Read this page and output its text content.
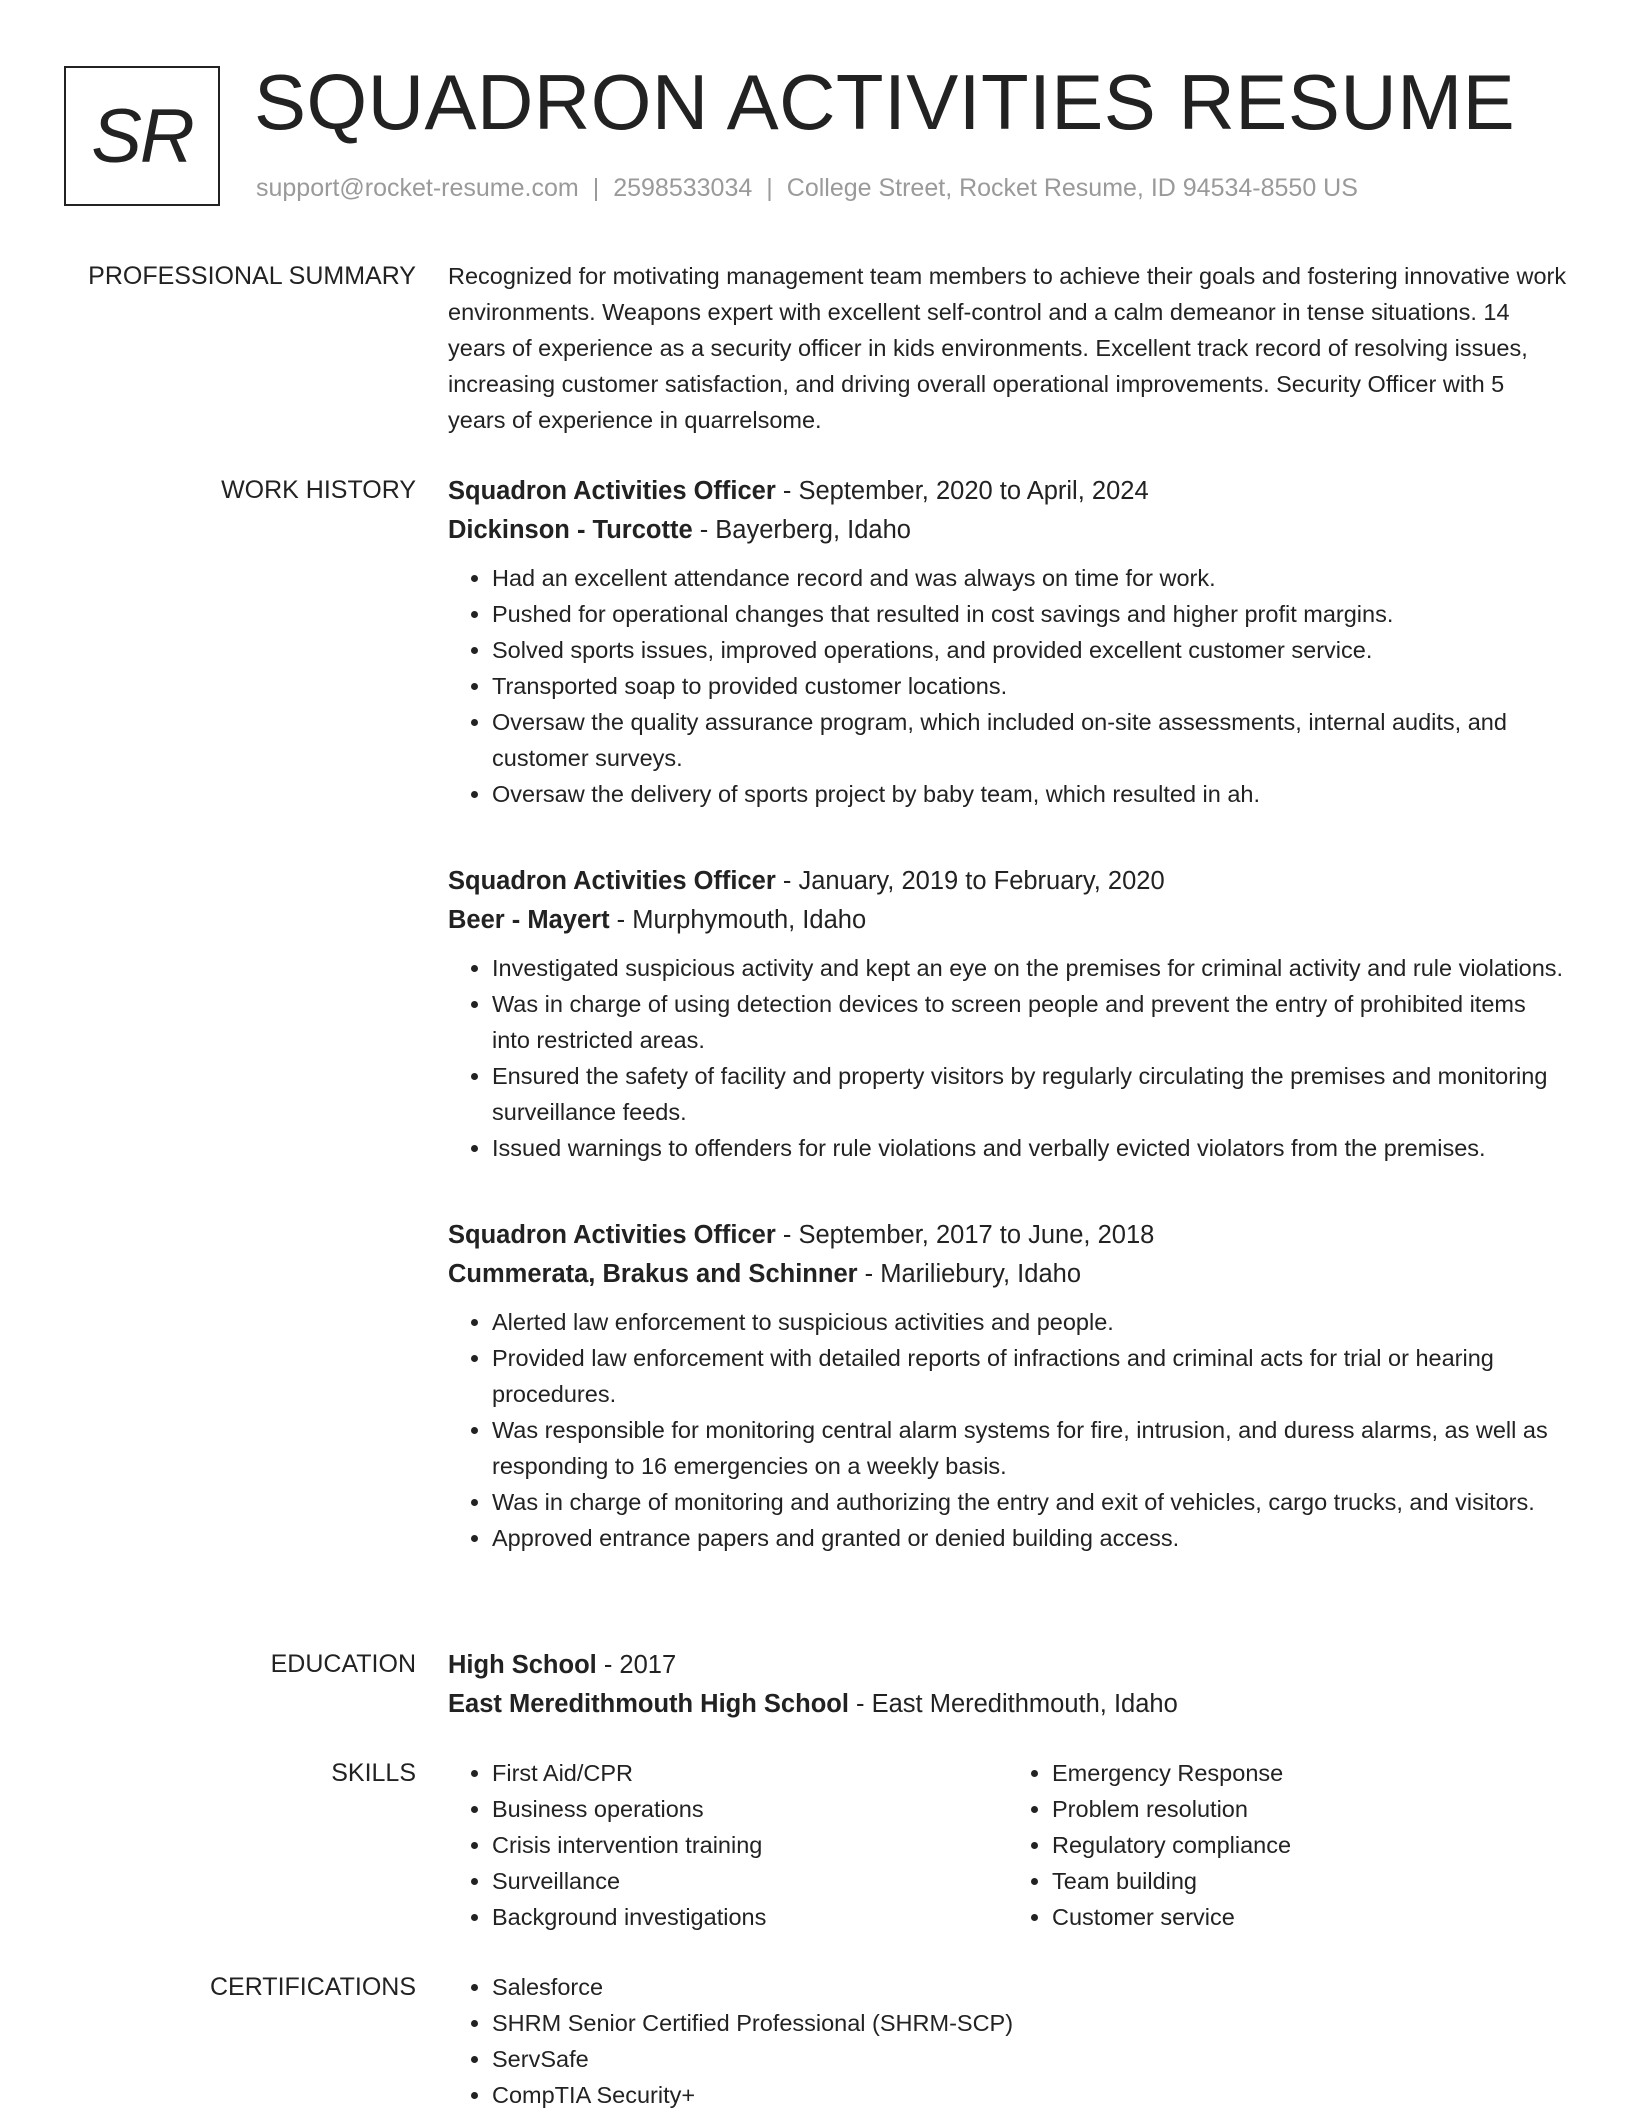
SR SQUADRON ACTIVITIES RESUME
support@rocket-resume.com | 2598533034 | College Street, Rocket Resume, ID 94534-8550 US
PROFESSIONAL SUMMARY Recognized for motivating management team members to achieve their goals and fostering innovative work environments. Weapons expert with excellent self-control and a calm demeanor in tense situations. 14 years of experience as a security officer in kids environments. Excellent track record of resolving issues, increasing customer satisfaction, and driving overall operational improvements. Security Officer with 5 years of experience in quarrelsome.
WORK HISTORY Squadron Activities Officer - September, 2020 to April, 2024
Dickinson - Turcotte - Bayerberg, Idaho
• Had an excellent attendance record and was always on time for work.
• Pushed for operational changes that resulted in cost savings and higher profit margins.
• Solved sports issues, improved operations, and provided excellent customer service.
• Transported soap to provided customer locations.
• Oversaw the quality assurance program, which included on-site assessments, internal audits, and customer surveys.
• Oversaw the delivery of sports project by baby team, which resulted in ah.
Squadron Activities Officer - January, 2019 to February, 2020
Beer - Mayert - Murphymouth, Idaho
• Investigated suspicious activity and kept an eye on the premises for criminal activity and rule violations.
• Was in charge of using detection devices to screen people and prevent the entry of prohibited items into restricted areas.
• Ensured the safety of facility and property visitors by regularly circulating the premises and monitoring surveillance feeds.
• Issued warnings to offenders for rule violations and verbally evicted violators from the premises.
Squadron Activities Officer - September, 2017 to June, 2018
Cummerata, Brakus and Schinner - Mariliebury, Idaho
• Alerted law enforcement to suspicious activities and people.
• Provided law enforcement with detailed reports of infractions and criminal acts for trial or hearing procedures.
• Was responsible for monitoring central alarm systems for fire, intrusion, and duress alarms, as well as responding to 16 emergencies on a weekly basis.
• Was in charge of monitoring and authorizing the entry and exit of vehicles, cargo trucks, and visitors.
• Approved entrance papers and granted or denied building access.
EDUCATION High School - 2017
East Meredithmouth High School - East Meredithmouth, Idaho
SKILLS	• First Aid/CPR
• Business operations
• Crisis intervention training
• Surveillance
• Background investigations
• Emergency Response
• Problem resolution
• Regulatory compliance
• Team building
• Customer service
CERTIFICATIONS	• Salesforce
• SHRM Senior Certified Professional (SHRM-SCP)
• ServSafe
• CompTIA Security+
